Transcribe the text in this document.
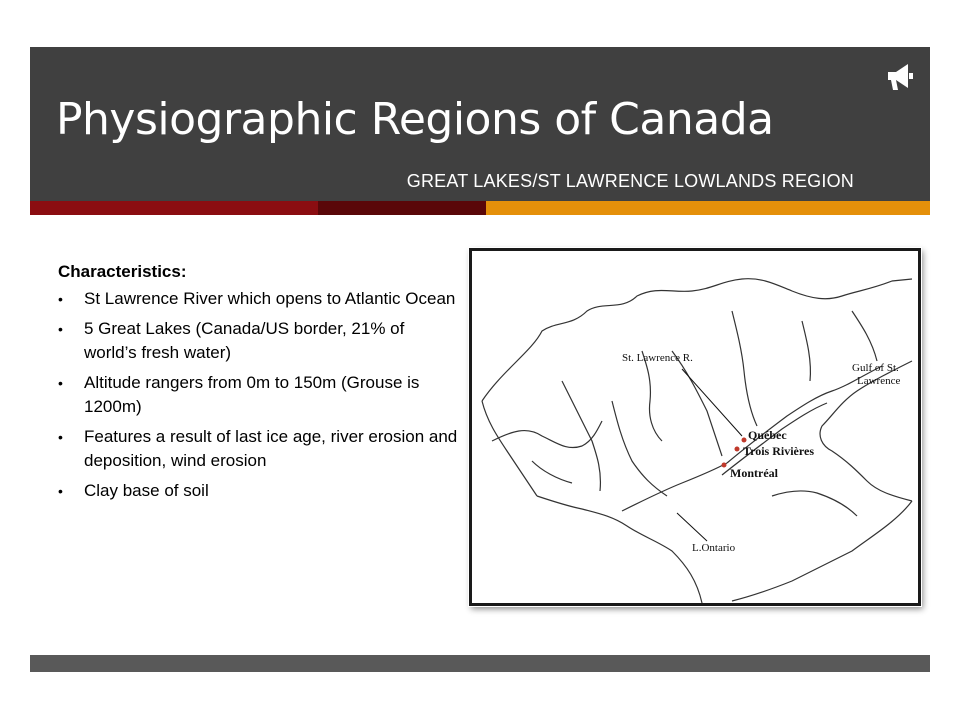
Physiographic Regions of Canada
GREAT LAKES/ST LAWRENCE LOWLANDS REGION
Characteristics:
• St Lawrence River which opens to Atlantic Ocean
• 5 Great Lakes (Canada/US border, 21% of world’s fresh water)
• Altitude rangers from 0m to 150m (Grouse is 1200m)
• Features a result of last ice age, river erosion and deposition, wind erosion
• Clay base of soil
St. Lawrence R.
Gulf of St.
Lawrence
Québec
Trois Rivières
Montréal
L.Ontario
